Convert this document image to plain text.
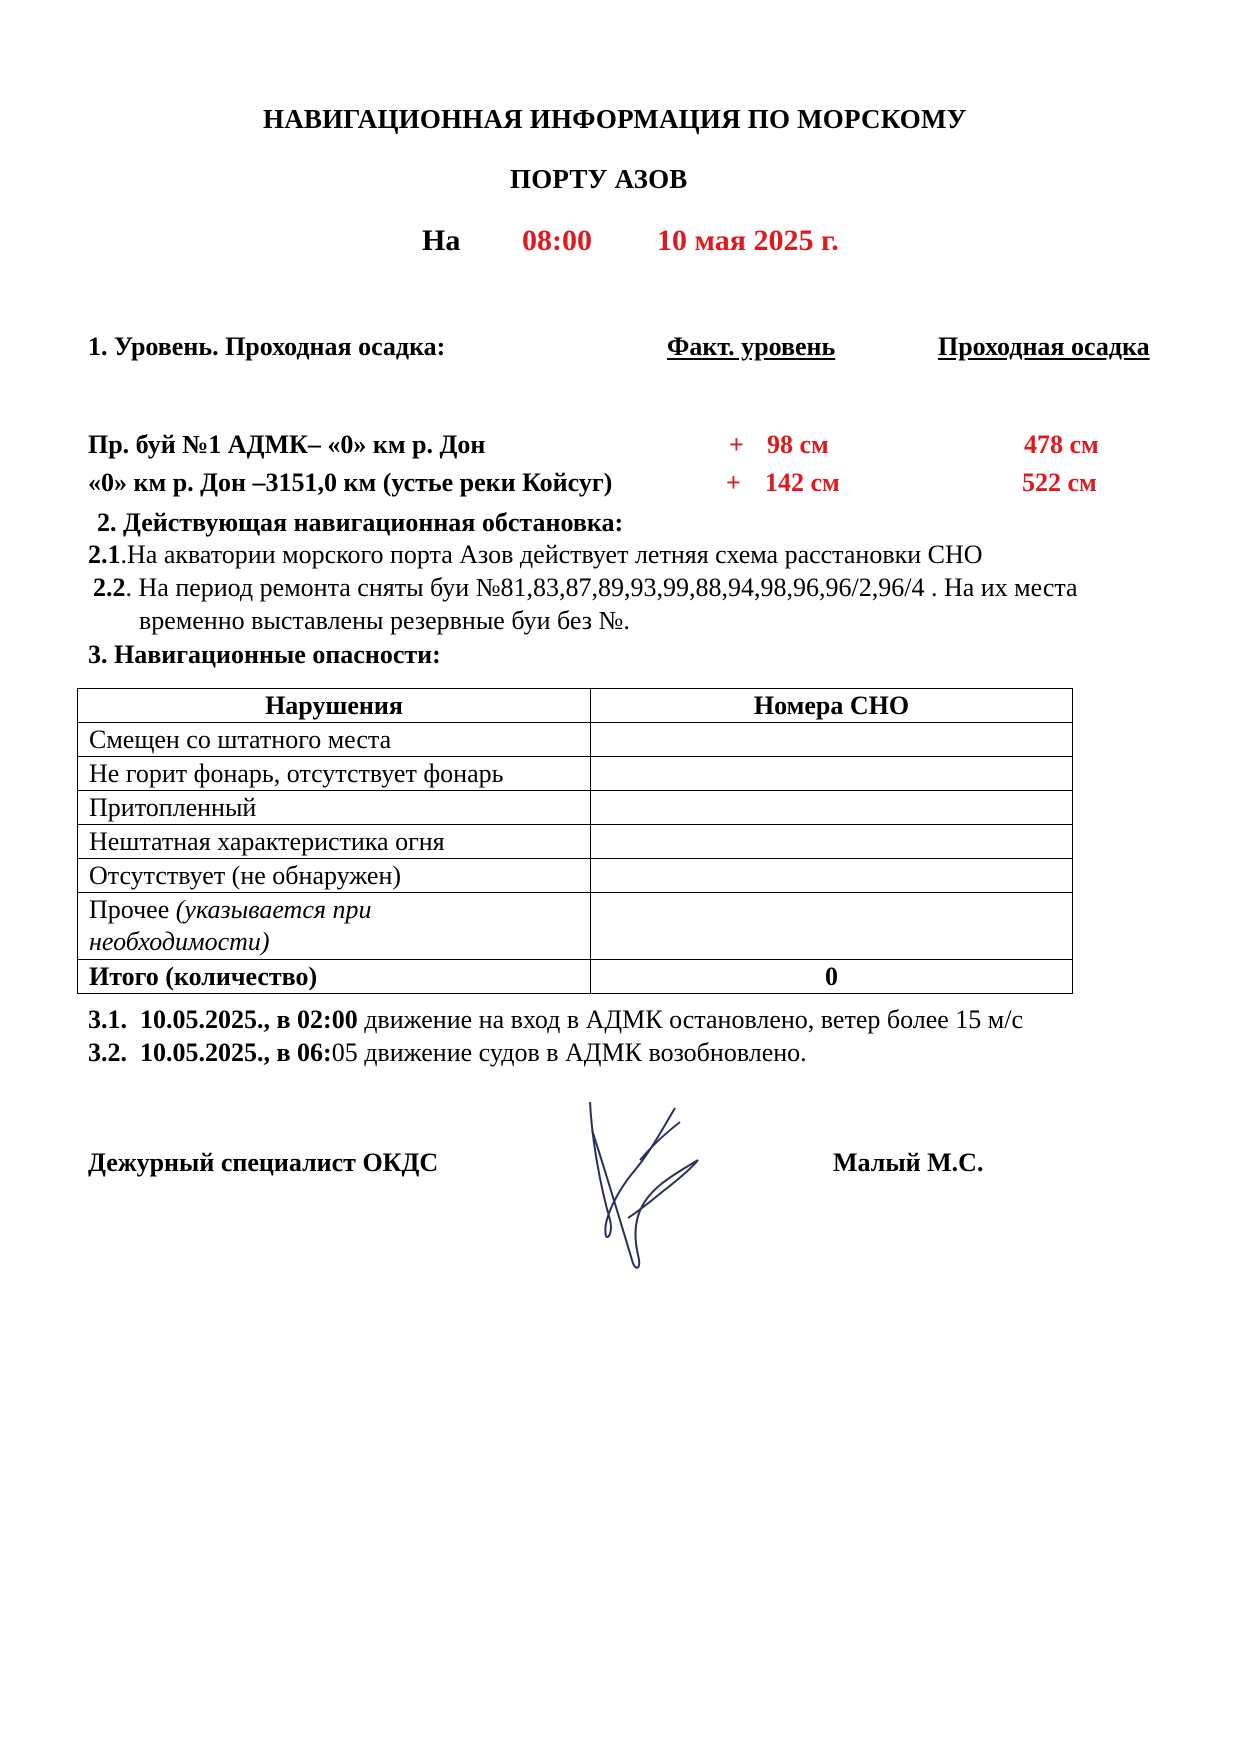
НАВИГАЦИОННАЯ ИНФОРМАЦИЯ ПО МОРСКОМУ
ПОРТУ АЗОВ
На 08:00 10 мая 2025 г.
1. Уровень. Проходная осадка:	Факт. уровень	Проходная осадка
Пр. буй №1 АДМК– «0» км р. Дон	+ 98 см	478 см
«0» км р. Дон –3151,0 км (устье реки Койсуг)	+ 142 см	522 см
2. Действующая навигационная обстановка:
2.1.На акватории морского порта Азов действует летняя схема расстановки СНО
2.2. На период ремонта сняты буи №81,83,87,89,93,99,88,94,98,96,96/2,96/4 . На их места
временно выставлены резервные буи без №.
3. Навигационные опасности:
Нарушения	Номера СНО
Смещен со штатного места	
Не горит фонарь, отсутствует фонарь	
Притопленный	
Нештатная характеристика огня	
Отсутствует (не обнаружен)	
Прочее (указывается при
необходимости)	
Итого (количество)	0
3.1. 10.05.2025., в 02:00 движение на вход в АДМК остановлено, ветер более 15 м/с
3.2. 10.05.2025., в 06:05 движение судов в АДМК возобновлено.
Дежурный специалист ОКДС	Малый М.С.
